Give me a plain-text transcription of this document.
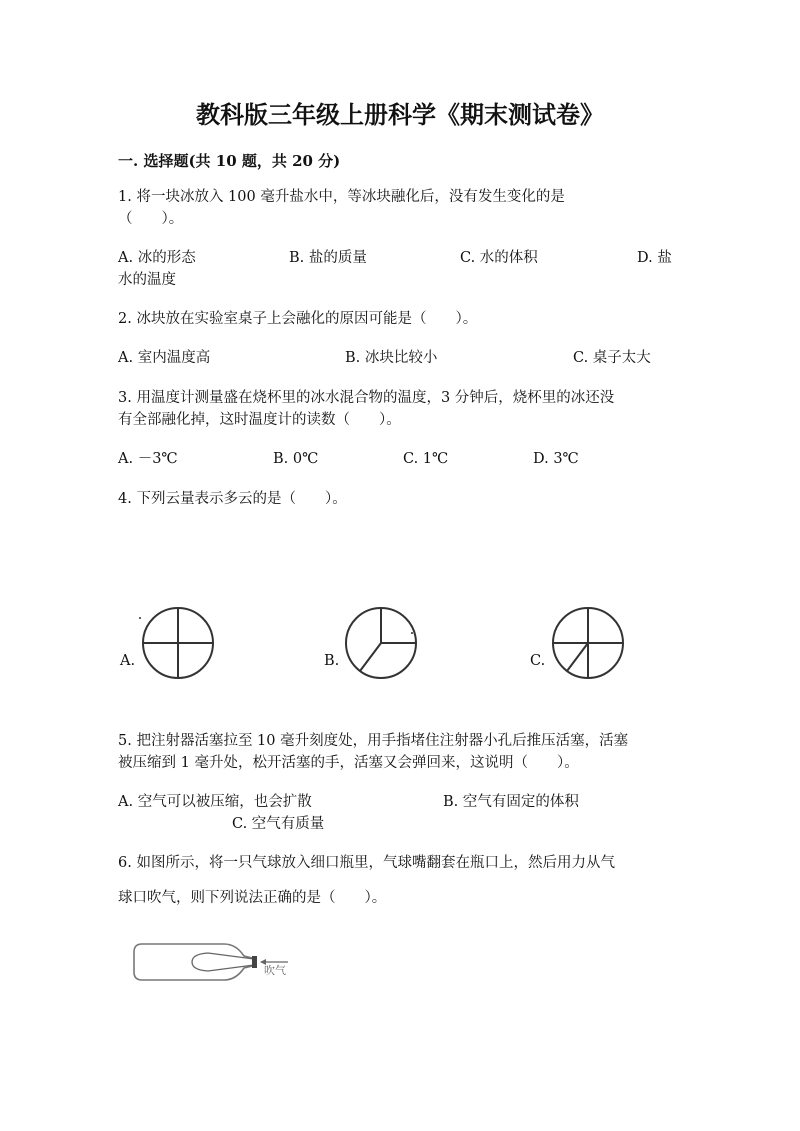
教科版三年级上册科学《期末测试卷》
一. 选择题(共 10 题，共 20 分)
1. 将一块冰放入 100 毫升盐水中，等冰块融化后，没有发生变化的是
（　　）。
A. 冰的形态	B. 盐的质量	C. 水的体积	D. 盐
水的温度
2. 冰块放在实验室桌子上会融化的原因可能是（　　）。
A. 室内温度高	B. 冰块比较小	C. 桌子太大
3. 用温度计测量盛在烧杯里的冰水混合物的温度，3 分钟后，烧杯里的冰还没
有全部融化掉，这时温度计的读数（　　）。
A. －3℃	B. 0℃	C. 1℃	D. 3℃
4. 下列云量表示多云的是（　　）。
A.	B.	C.
5. 把注射器活塞拉至 10 毫升刻度处，用手指堵住注射器小孔后推压活塞，活塞
被压缩到 1 毫升处，松开活塞的手，活塞又会弹回来，这说明（　　）。
A. 空气可以被压缩，也会扩散	B. 空气有固定的体积
C. 空气有质量
6. 如图所示，将一只气球放入细口瓶里，气球嘴翻套在瓶口上，然后用力从气
球口吹气，则下列说法正确的是（　　）。
吹气
